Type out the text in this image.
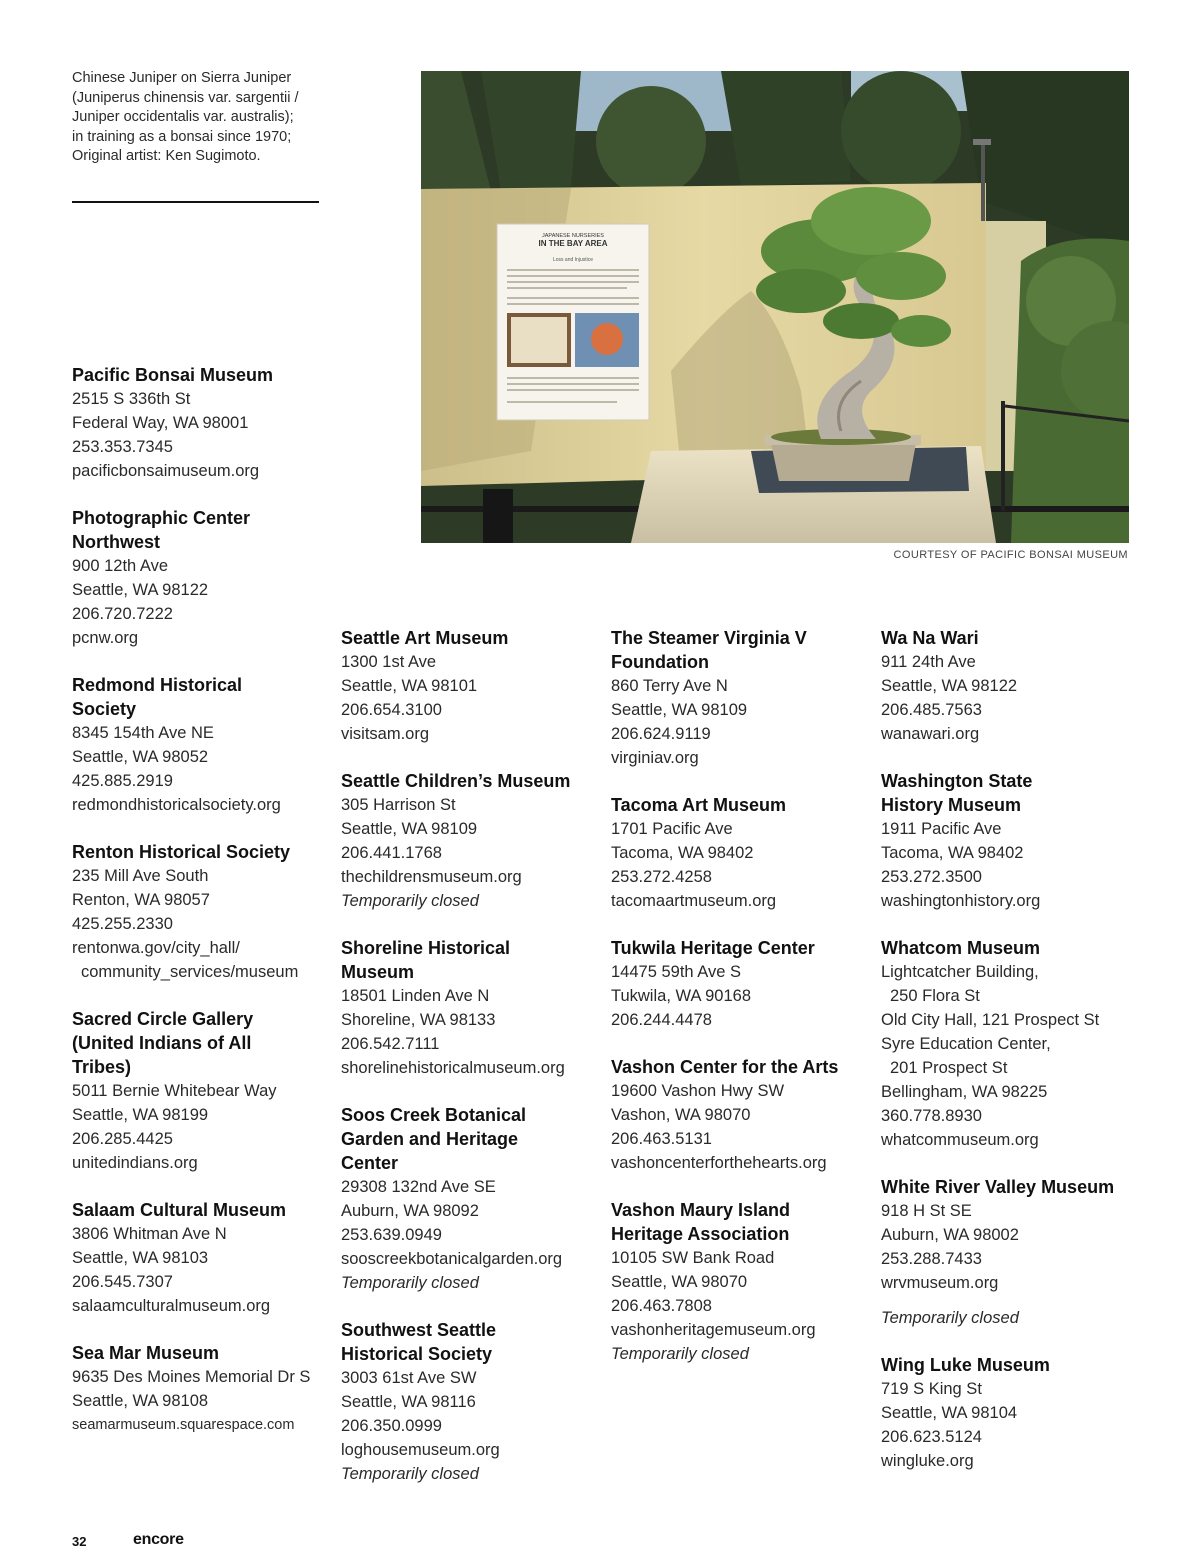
Chinese Juniper on Sierra Juniper
(Juniperus chinensis var. sargentii /
Juniper occidentalis var. australis);
in training as a bonsai since 1970;
Original artist: Ken Sugimoto.
JAPANESE NURSERIES
IN THE BAY AREA
Loss and Injustice
COURTESY OF PACIFIC BONSAI MUSEUM
Pacific Bonsai Museum
2515 S 336th St
Federal Way, WA 98001
253.353.7345
pacificbonsaimuseum.org
Photographic Center
Northwest
900 12th Ave
Seattle, WA 98122
206.720.7222
pcnw.org
Redmond Historical
Society
8345 154th Ave NE
Seattle, WA 98052
425.885.2919
redmondhistoricalsociety.org
Renton Historical Society
235 Mill Ave South
Renton, WA 98057
425.255.2330
rentonwa.gov/city_hall/
community_services/museum
Sacred Circle Gallery
(United Indians of All
Tribes)
5011 Bernie Whitebear Way
Seattle, WA 98199
206.285.4425
unitedindians.org
Salaam Cultural Museum
3806 Whitman Ave N
Seattle, WA 98103
206.545.7307
salaamculturalmuseum.org
Sea Mar Museum
9635 Des Moines Memorial Dr S
Seattle, WA 98108
seamarmuseum.squarespace.com
Seattle Art Museum
1300 1st Ave
Seattle, WA 98101
206.654.3100
visitsam.org
Seattle Children’s Museum
305 Harrison St
Seattle, WA 98109
206.441.1768
thechildrensmuseum.org
Temporarily closed
Shoreline Historical
Museum
18501 Linden Ave N
Shoreline, WA 98133
206.542.7111
shorelinehistoricalmuseum.org
Soos Creek Botanical
Garden and Heritage
Center
29308 132nd Ave SE
Auburn, WA 98092
253.639.0949
sooscreekbotanicalgarden.org
Temporarily closed
Southwest Seattle
Historical Society
3003 61st Ave SW
Seattle, WA 98116
206.350.0999
loghousemuseum.org
Temporarily closed
The Steamer Virginia V
Foundation
860 Terry Ave N
Seattle, WA 98109
206.624.9119
virginiav.org
Tacoma Art Museum
1701 Pacific Ave
Tacoma, WA 98402
253.272.4258
tacomaartmuseum.org
Tukwila Heritage Center
14475 59th Ave S
Tukwila, WA 90168
206.244.4478
Vashon Center for the Arts
19600 Vashon Hwy SW
Vashon, WA 98070
206.463.5131
vashoncenterforthehearts.org
Vashon Maury Island
Heritage Association
10105 SW Bank Road
Seattle, WA 98070
206.463.7808
vashonheritagemuseum.org
Temporarily closed
Wa Na Wari
911 24th Ave
Seattle, WA 98122
206.485.7563
wanawari.org
Washington State
History Museum
1911 Pacific Ave
Tacoma, WA 98402
253.272.3500
washingtonhistory.org
Whatcom Museum
Lightcatcher Building,
250 Flora St
Old City Hall, 121 Prospect St
Syre Education Center,
201 Prospect St
Bellingham, WA 98225
360.778.8930
whatcommuseum.org
White River Valley Museum
918 H St SE
Auburn, WA 98002
253.288.7433
wrvmuseum.org
Temporarily closed
Wing Luke Museum
719 S King St
Seattle, WA 98104
206.623.5124
wingluke.org
32	encore
